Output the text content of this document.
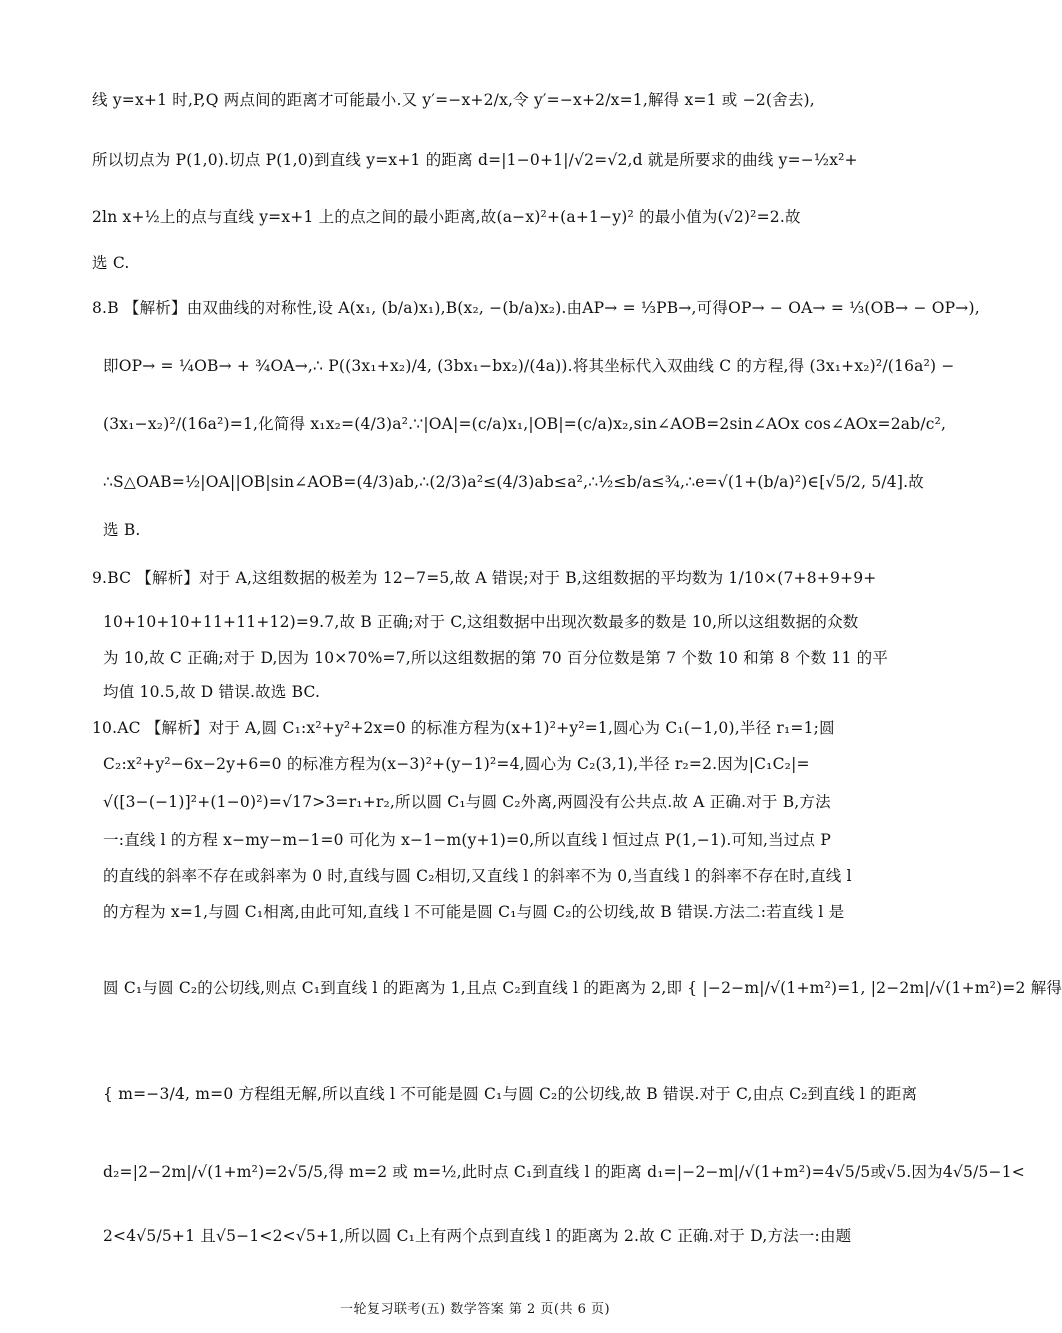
线 y=x+1 时,P,Q 两点间的距离才可能最小.又 y′=−x+2/x,令 y′=−x+2/x=1,解得 x=1 或 −2(舍去),
所以切点为 P(1,0).切点 P(1,0)到直线 y=x+1 的距离 d=|1−0+1|/√2=√2,d 就是所要求的曲线 y=−½x²+
2ln x+½上的点与直线 y=x+1 上的点之间的最小距离,故(a−x)²+(a+1−y)² 的最小值为(√2)²=2.故
选 C.
8.B 【解析】由双曲线的对称性,设 A(x₁, (b/a)x₁),B(x₂, −(b/a)x₂).由AP→ = ⅓PB→,可得OP→ − OA→ = ⅓(OB→ − OP→),
即OP→ = ¼OB→ + ¾OA→,∴ P((3x₁+x₂)/4, (3bx₁−bx₂)/(4a)).将其坐标代入双曲线 C 的方程,得 (3x₁+x₂)²/(16a²) −
(3x₁−x₂)²/(16a²)=1,化简得 x₁x₂=(4/3)a².∵|OA|=(c/a)x₁,|OB|=(c/a)x₂,sin∠AOB=2sin∠AOx cos∠AOx=2ab/c²,
∴S△OAB=½|OA||OB|sin∠AOB=(4/3)ab,∴(2/3)a²≤(4/3)ab≤a²,∴½≤b/a≤¾,∴e=√(1+(b/a)²)∈[√5/2, 5/4].故
选 B.
9.BC 【解析】对于 A,这组数据的极差为 12−7=5,故 A 错误;对于 B,这组数据的平均数为 1/10×(7+8+9+9+
10+10+10+11+11+12)=9.7,故 B 正确;对于 C,这组数据中出现次数最多的数是 10,所以这组数据的众数
为 10,故 C 正确;对于 D,因为 10×70%=7,所以这组数据的第 70 百分位数是第 7 个数 10 和第 8 个数 11 的平
均值 10.5,故 D 错误.故选 BC.
10.AC 【解析】对于 A,圆 C₁:x²+y²+2x=0 的标准方程为(x+1)²+y²=1,圆心为 C₁(−1,0),半径 r₁=1;圆
C₂:x²+y²−6x−2y+6=0 的标准方程为(x−3)²+(y−1)²=4,圆心为 C₂(3,1),半径 r₂=2.因为|C₁C₂|=
√([3−(−1)]²+(1−0)²)=√17>3=r₁+r₂,所以圆 C₁与圆 C₂外离,两圆没有公共点.故 A 正确.对于 B,方法
一:直线 l 的方程 x−my−m−1=0 可化为 x−1−m(y+1)=0,所以直线 l 恒过点 P(1,−1).可知,当过点 P
的直线的斜率不存在或斜率为 0 时,直线与圆 C₂相切,又直线 l 的斜率不为 0,当直线 l 的斜率不存在时,直线 l
的方程为 x=1,与圆 C₁相离,由此可知,直线 l 不可能是圆 C₁与圆 C₂的公切线,故 B 错误.方法二:若直线 l 是
圆 C₁与圆 C₂的公切线,则点 C₁到直线 l 的距离为 1,且点 C₂到直线 l 的距离为 2,即 { |−2−m|/√(1+m²)=1, |2−2m|/√(1+m²)=2 解得
{ m=−3/4, m=0 方程组无解,所以直线 l 不可能是圆 C₁与圆 C₂的公切线,故 B 错误.对于 C,由点 C₂到直线 l 的距离
d₂=|2−2m|/√(1+m²)=2√5/5,得 m=2 或 m=½,此时点 C₁到直线 l 的距离 d₁=|−2−m|/√(1+m²)=4√5/5或√5.因为4√5/5−1<
2<4√5/5+1 且√5−1<2<√5+1,所以圆 C₁上有两个点到直线 l 的距离为 2.故 C 正确.对于 D,方法一:由题
一轮复习联考(五) 数学答案 第 2 页(共 6 页)
